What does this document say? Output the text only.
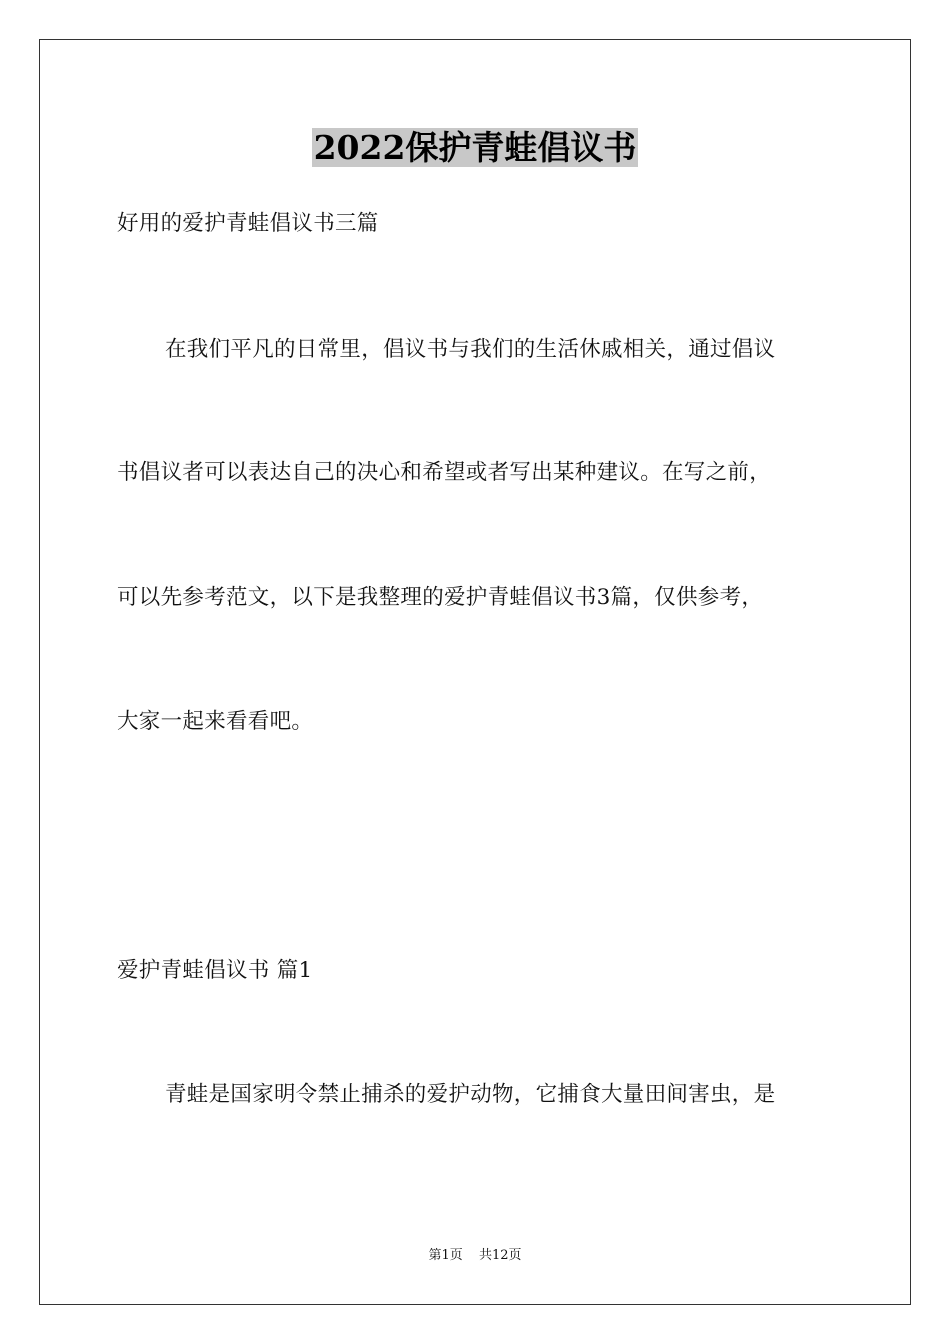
2022保护青蛙倡议书
好用的爱护青蛙倡议书三篇
在我们平凡的日常里，倡议书与我们的生活休戚相关，通过倡议
书倡议者可以表达自己的决心和希望或者写出某种建议。在写之前，
可以先参考范文，以下是我整理的爱护青蛙倡议书3篇，仅供参考，
大家一起来看看吧。
爱护青蛙倡议书 篇1
青蛙是国家明令禁止捕杀的爱护动物，它捕食大量田间害虫，是
第1页 共12页
